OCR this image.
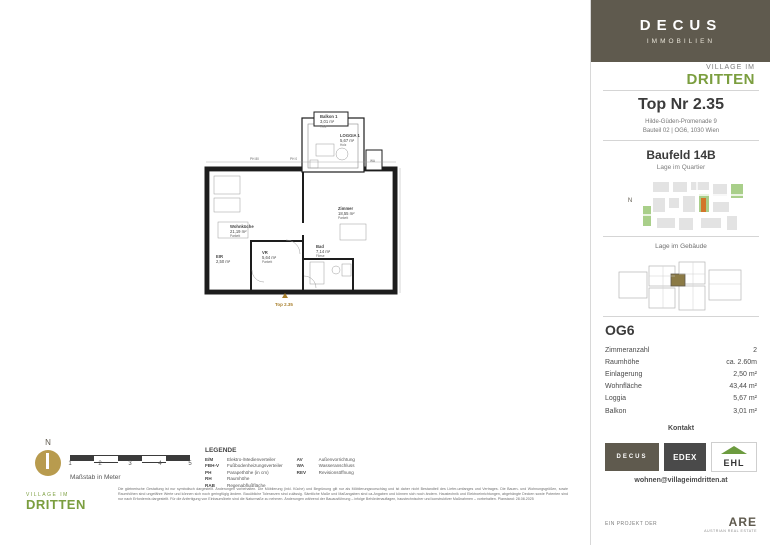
Balkon 1
3,01 m²
Holz
LOGGIA 1
5,67 m²
Holz
WA
Wohnküche
21,19 m²
Parkett
Zimmer
18,55 m²
Parkett
Bad
7,14 m²
Fliese
VR
5,64 m²
Parkett
EIR
2,50 m²
Top 2.35
PH 80	PH 0
N
1	2	3	4	5
Maßstab in Meter
LEGENDE
E/M	Elektro-/Medienverteiler
FBH-V Fußbodenheizungsverteiler
PH	Parapethöhe (in cm)
RH	Raumhöhe
RAB	Regenabflußfläche
AV	Außenvorrichtung
WA	Wasseranschluss
REV	Revisionsöffnung
VILLAGE IM
DRITTEN
Die gärtnerische Gestaltung ist nur symbolisch dargestellt. Änderungen vorbehalten. Die Möblierung (inkl. Küche) und Begrünung gilt nur als Möblierungsvorschlag und ist daher nicht Bestandteil des Liefer-umfanges und Vertrages. Die Bauen- und Wohnungsgrößen, sowie Raumhöhen sind ungefähre Werte und können sich noch geringfügig ändern. Bauübliche Toleranzen sind zulässig. Sämtliche Maße und Maßangaben sind ca-Angaben und können sich noch ändern. Haustechnik und Elektroeinrichtungen, abgehängte Decken sowie Potenten sind nur nach Erfordernis dargestellt. Für die Anfertigung von Einbaumöbeln sind die Naturmaße zu nehmen. Änderungen während der Bauausführung – infolge Behördenauflagen, haustechnischer und konstruktiver Maßnahmen – vorbehalten. Planstand: 28.08.2025
DECUS
IMMOBILIEN
VILLAGE IM
DRITTEN
Top Nr 2.35
Hilde-Güden-Promenade 9
Bauteil 02 | OG6, 1030 Wien
Baufeld 14B
Lage im Quartier
N
Lage im Gebäude
OG6
Zimmeranzahl	2
Raumhöhe	ca. 2.60m
Einlagerung	2,50 m²
Wohnfläche	43,44 m²
Loggia	5,67 m²
Balkon	3,01 m²
Kontakt
DECUS	EDEX
EHL
wohnen@villageimdritten.at
EIN PROJEKT DER	ARE
AUSTRIAN REAL ESTATE
